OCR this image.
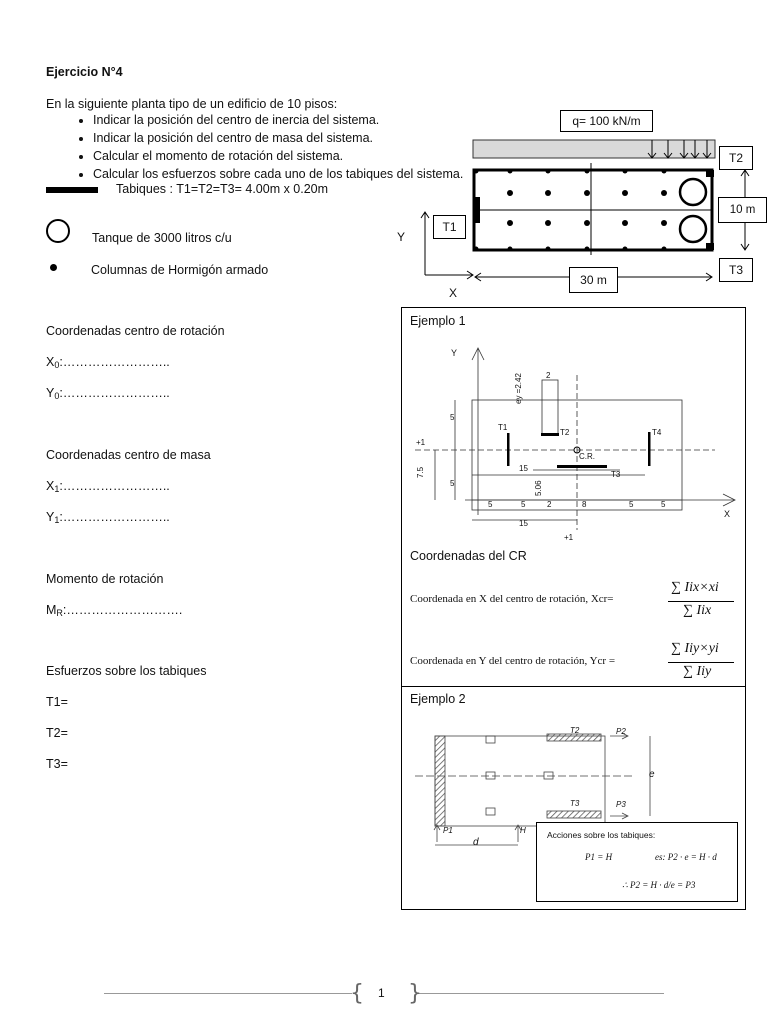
Ejercicio N°4
En la siguiente planta tipo de un edificio de 10 pisos:
• Indicar la posición del centro de inercia del sistema.
• Indicar la posición del centro de masa del sistema.
• Calcular el momento de rotación del sistema.
• Calcular los esfuerzos sobre cada uno de los tabiques del sistema.
Tabiques : T1=T2=T3= 4.00m x 0.20m
Tanque de 3000 litros c/u
Columnas de Hormigón armado
q= 100 kN/m
T2
10 m
T1
T3
30 m
Y
X
Coordenadas centro de rotación
$X_0:\dots\dots\dots\dots\dots\dots\dots\dots$..
$Y_0:\dots\dots\dots\dots\dots\dots\dots\dots$..
Coordenadas centro de masa
$X_1:\dots\dots\dots\dots\dots\dots\dots\dots$..
$Y_1:\dots\dots\dots\dots\dots\dots\dots\dots$..
Momento de rotación
$M_R:\dots\dots\dots\dots\dots\dots\dots\dots\dots$.
Esfuerzos sobre los tabiques
T1=
T2=
T3=
Ejemplo 1
Y
X
T1
T2
T3
T4
C.R.
ey =2.42	2
5
5
7.5
5.06
15
15
+1
+1
5	5	2	8	5	5
Coordenadas del CR
Coordenada en X del centro de rotación, Xcr=
∑ Iix×xi
∑ Iix
Coordenada en Y del centro de rotación, Ycr =
∑ Iiy×yi
∑ Iiy
Ejemplo 2
T2
T3
P2
P3
P1	H
d
e
Acciones sobre los tabiques:
P1 = H	es: P2 · e = H · d
∴ P2 = H · d/e = P3
{ }
1
